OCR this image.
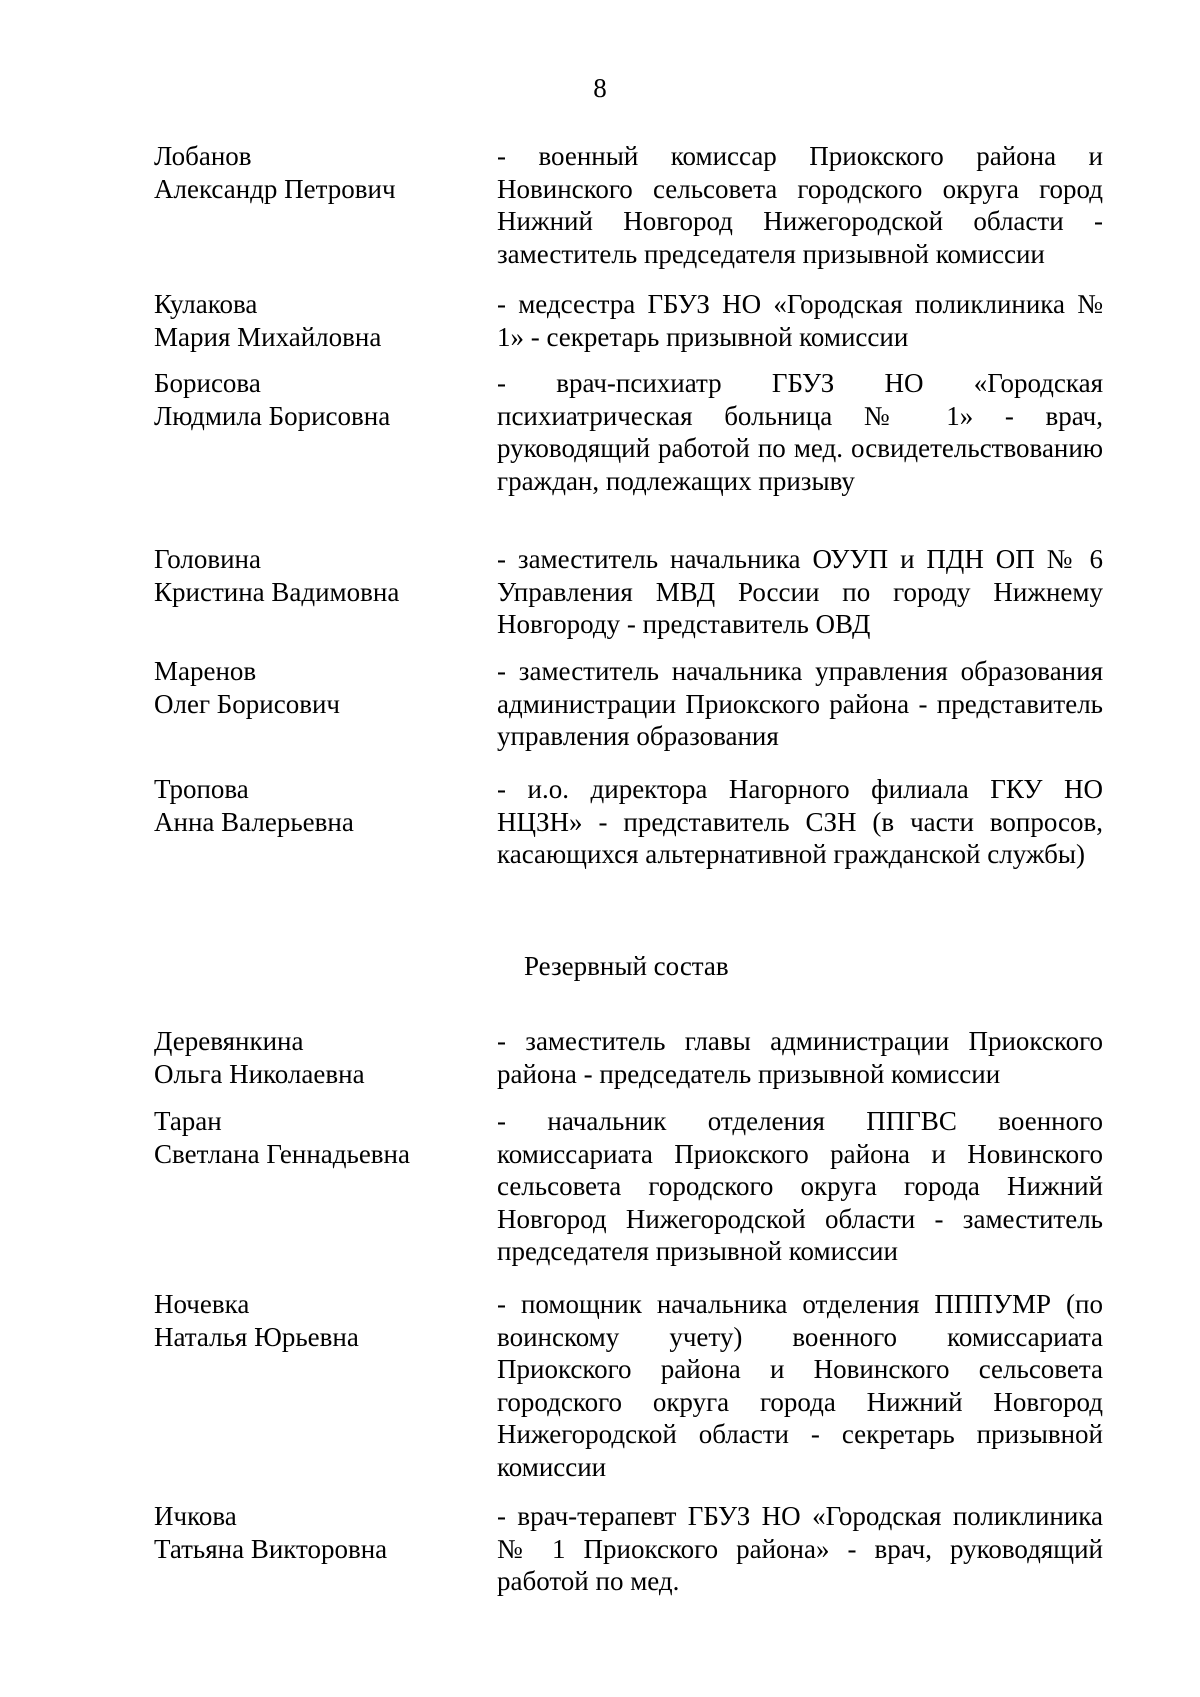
8
Лобанов
Александр Петрович
- военный комиссар Приокского района и Новинского сельсовета городского округа город Нижний Новгород Нижегородской области - заместитель председателя призывной комиссии
Кулакова
Мария Михайловна
- медсестра ГБУЗ НО «Городская поликлиника № 1» - секретарь призывной комиссии
Борисова
Людмила Борисовна
- врач-психиатр ГБУЗ НО «Городская психиатрическая больница № 1» - врач, руководящий работой по мед. освидетельствованию граждан, подлежащих призыву
Головина
Кристина Вадимовна
- заместитель начальника ОУУП и ПДН ОП № 6 Управления МВД России по городу Нижнему Новгороду - представитель ОВД
Маренов
Олег Борисович
- заместитель начальника управления образования администрации Приокского района - представитель управления образования
Тропова
Анна Валерьевна
- и.о. директора Нагорного филиала ГКУ НО НЦЗН» - представитель СЗН (в части вопросов, касающихся альтернативной гражданской службы)
Резервный состав
Деревянкина
Ольга Николаевна
- заместитель главы администрации Приокского района - председатель призывной комиссии
Таран
Светлана Геннадьевна
- начальник отделения ППГВС военного комиссариата Приокского района и Новинского сельсовета городского округа города Нижний Новгород Нижегородской области - заместитель председателя призывной комиссии
Ночевка
Наталья Юрьевна
- помощник начальника отделения ПППУМР (по воинскому учету) военного комиссариата Приокского района и Новинского сельсовета городского округа города Нижний Новгород Нижегородской области - секретарь призывной комиссии
Ичкова
Татьяна Викторовна
- врач-терапевт ГБУЗ НО «Городская поликлиника № 1 Приокского района» - врач, руководящий работой по мед.
